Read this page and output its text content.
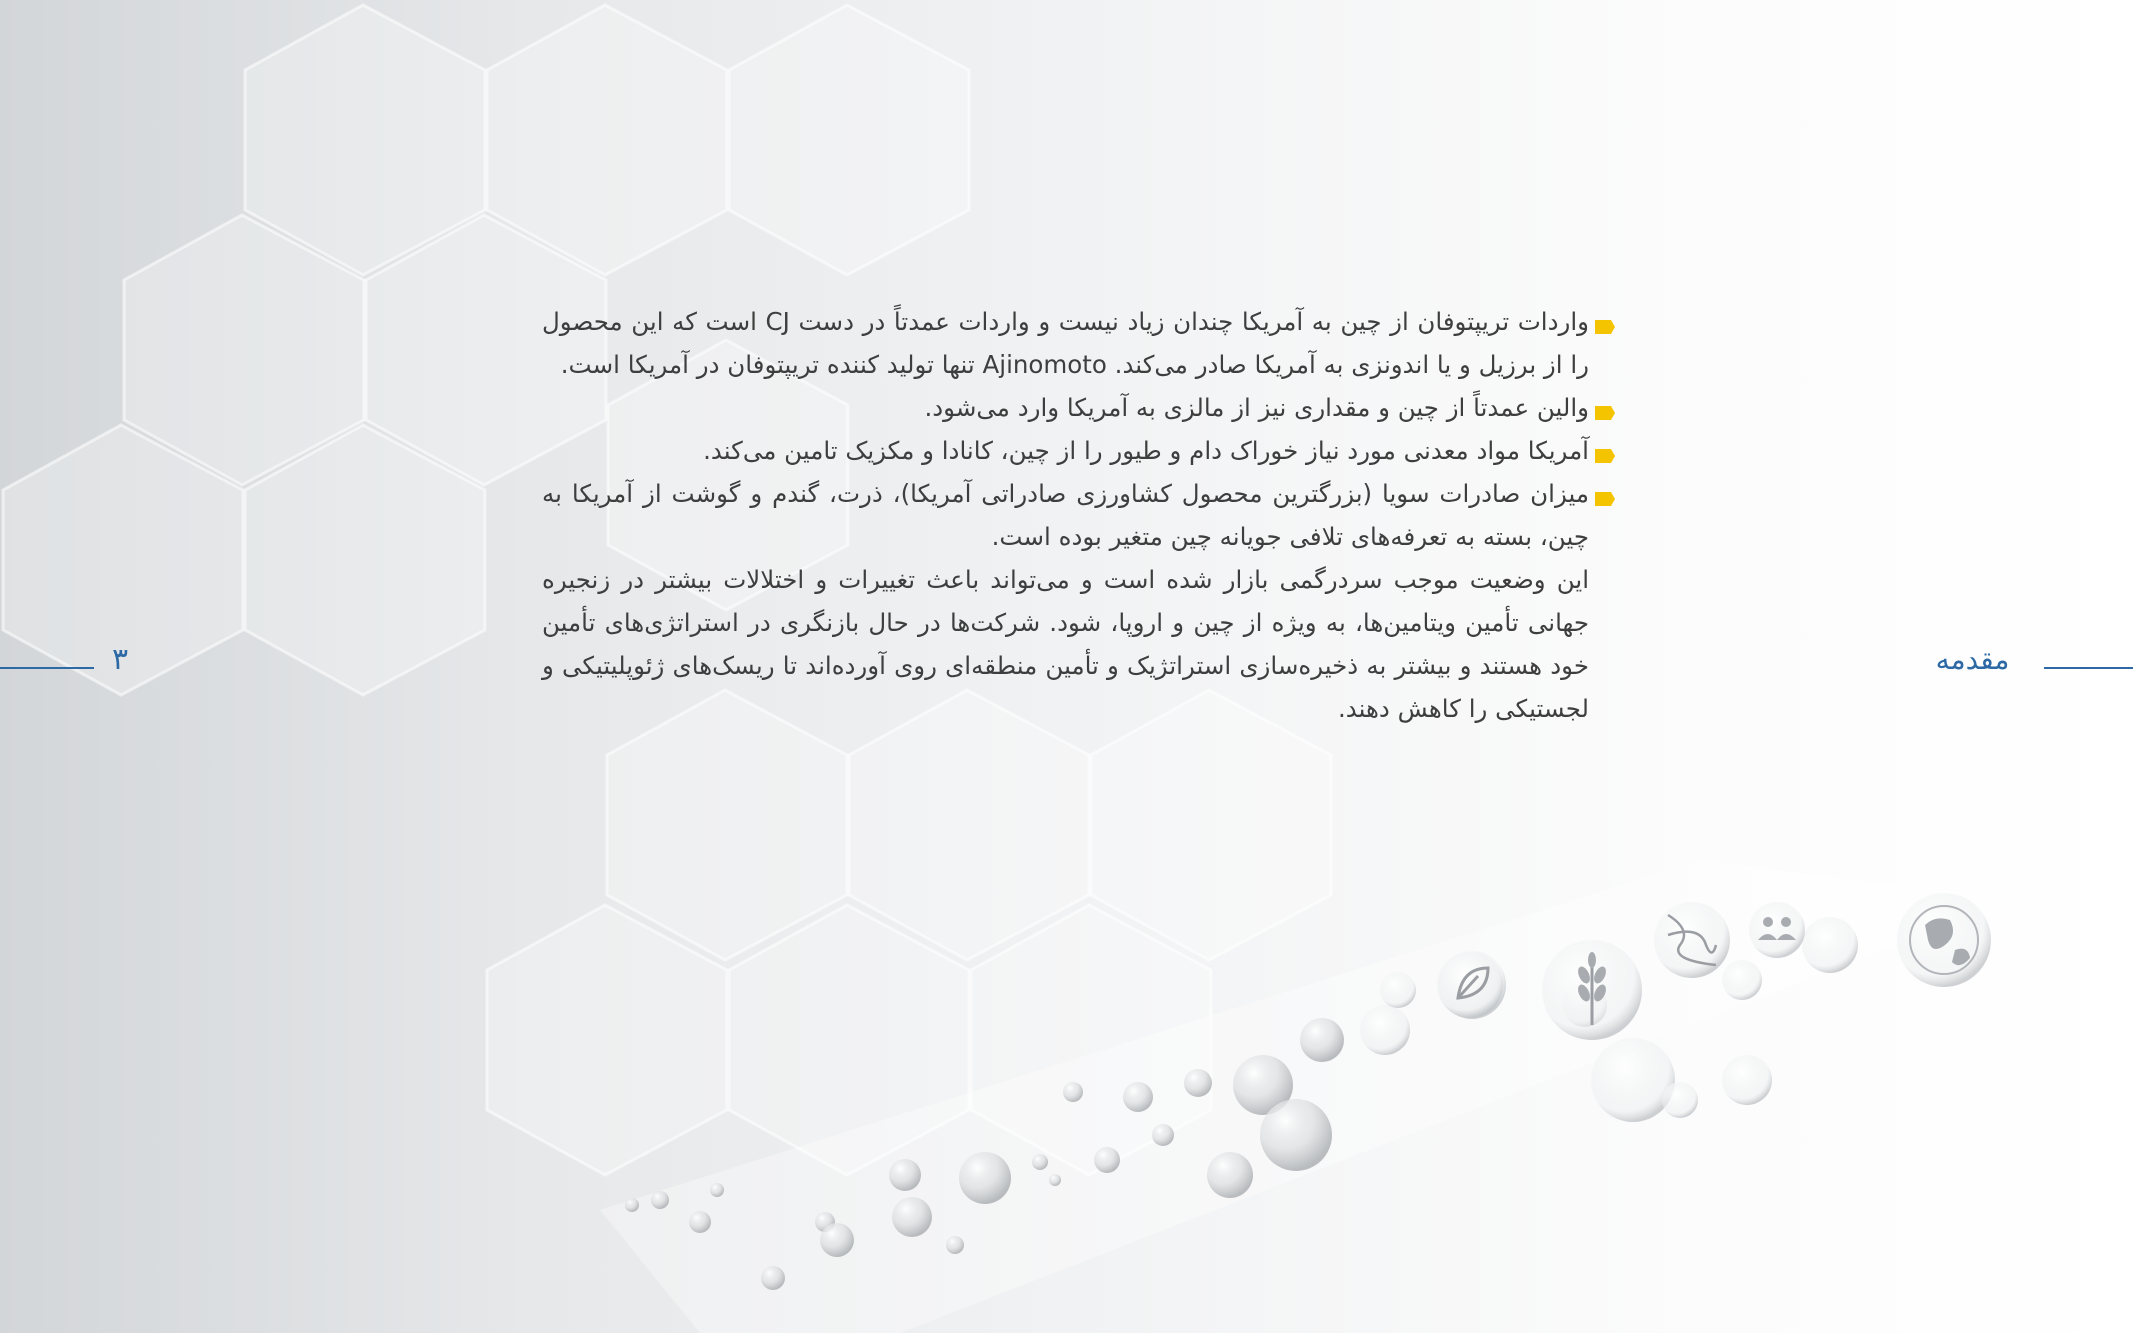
۳	مقدمه

واردات تریپتوفان از چین به آمریکا چندان زیاد نیست و واردات عمدتاً در دست CJ است که این محصول را از برزیل و یا اندونزی به آمریکا صادر می‌کند. Ajinomoto تنها تولید کننده تریپتوفان در آمریکا است.

والین عمدتاً از چین و مقداری نیز از مالزی به آمریکا وارد می‌شود.

آمریکا مواد معدنی مورد نیاز خوراک دام و طیور را از چین، کانادا و مکزیک تامین می‌کند.

میزان صادرات سویا (بزرگترین محصول کشاورزی صادراتی آمریکا)، ذرت، گندم و گوشت از آمریکا به چین، بسته به تعرفه‌های تلافی جویانه چین متغیر بوده است.

این وضعیت موجب سردرگمی بازار شده است و می‌تواند باعث تغییرات و اختلالات بیشتر در زنجیره جهانی تأمین ویتامین‌ها، به ویژه از چین و اروپا، شود. شرکت‌ها در حال بازنگری در استراتژی‌های تأمین خود هستند و بیشتر به ذخیره‌سازی استراتژیک و تأمین منطقه‌ای روی آورده‌اند تا ریسک‌های ژئوپلیتیکی و لجستیکی را کاهش دهند.
